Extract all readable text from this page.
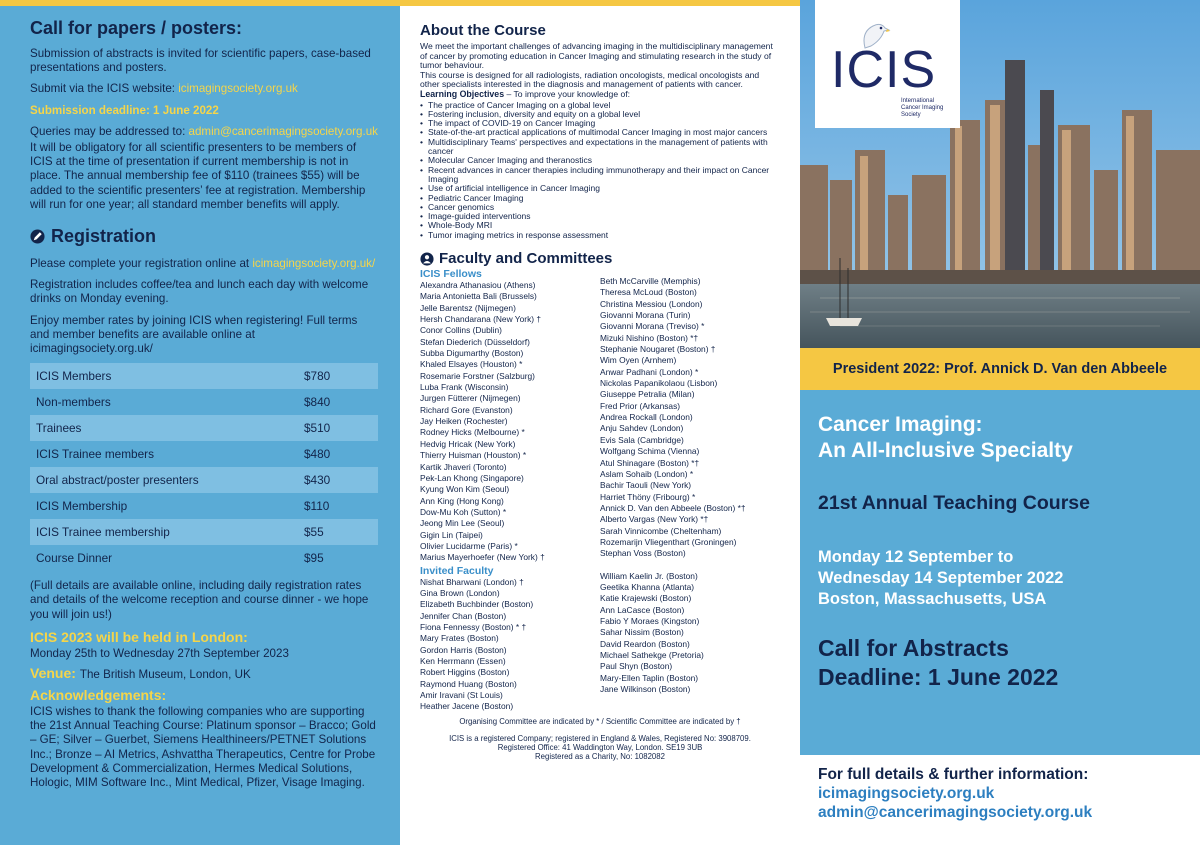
Call for papers / posters:

Submission of abstracts is invited for scientific papers, case-based presentations and posters.

Submit via the ICIS website: icimagingsociety.org.uk

Submission deadline: 1 June 2022

Queries may be addressed to: admin@cancerimagingsociety.org.uk

It will be obligatory for all scientific presenters to be members of ICIS at the time of presentation if current membership is not in place. The annual membership fee of $110 (trainees $55) will be added to the scientific presenters’ fee at registration. Membership will run for one year; all standard member benefits will apply.

Registration

Please complete your registration online at icimagingsociety.org.uk/

Registration includes coffee/tea and lunch each day with welcome drinks on Monday evening.

Enjoy member rates by joining ICIS when registering! Full terms and member benefits are available online at icimagingsociety.org.uk/

ICIS Members	$780
Non-members	$840
Trainees	$510
ICIS Trainee members	$480
Oral abstract/poster presenters	$430
ICIS Membership	$110
ICIS Trainee membership	$55
Course Dinner	$95

(Full details are available online, including daily registration rates and details of the welcome reception and course dinner - we hope you will join us!)

ICIS 2023 will be held in London:

Monday 25th to Wednesday 27th September 2023

Venue: The British Museum, London, UK
Acknowledgements:

ICIS wishes to thank the following companies who are supporting the 21st Annual Teaching Course: Platinum sponsor – Bracco; Gold – GE; Silver – Guerbet, Siemens Healthineers/PETNET Solutions Inc.; Bronze – AI Metrics, Ashvattha Therapeutics, Centre for Probe Development & Commercialization, Hermes Medical Solutions, Hologic, MIM Software Inc., Mint Medical, Pfizer, Visage Imaging.

About the Course

We meet the important challenges of advancing imaging in the multidisciplinary management of cancer by promoting education in Cancer Imaging and stimulating research in the study of tumor behaviour.

This course is designed for all radiologists, radiation oncologists, medical oncologists and other specialists interested in the diagnosis and management of patients with cancer.

Learning Objectives – To improve your knowledge of:

• The practice of Cancer Imaging on a global level
• Fostering inclusion, diversity and equity on a global level
• The impact of COVID-19 on Cancer Imaging
• State-of-the-art practical applications of multimodal Cancer Imaging in most major cancers
• Multidisciplinary Teams' perspectives and expectations in the management of patients with cancer
• Molecular Cancer Imaging and theranostics
• Recent advances in cancer therapies including immunotherapy and their impact on Cancer Imaging
• Use of artificial intelligence in Cancer Imaging
• Pediatric Cancer Imaging
• Cancer genomics
• Image-guided interventions
• Whole-Body MRI
• Tumor imaging metrics in response assessment
Faculty and Committees
ICIS Fellows
Alexandra Athanasiou (Athens)
Maria Antonietta Bali (Brussels)
Jelle Barentsz (Nijmegen)
Hersh Chandarana (New York) †
Conor Collins (Dublin)
Stefan Diederich (Düsseldorf)
Subba Digumarthy (Boston)
Khaled Elsayes (Houston) *
Rosemarie Forstner (Salzburg)
Luba Frank (Wisconsin)
Jurgen Fütterer (Nijmegen)
Richard Gore (Evanston)
Jay Heiken (Rochester)
Rodney Hicks (Melbourne) *
Hedvig Hricak (New York)
Thierry Huisman (Houston) *
Kartik Jhaveri (Toronto)
Pek-Lan Khong (Singapore)
Kyung Won Kim (Seoul)
Ann King (Hong Kong)
Dow-Mu Koh (Sutton) *
Jeong Min Lee (Seoul)
Gigin Lin (Taipei)
Olivier Lucidarme (Paris) *
Marius Mayerhoefer (New York) †
Beth McCarville (Memphis)
Theresa McLoud (Boston)
Christina Messiou (London)
Giovanni Morana (Turin)
Giovanni Morana (Treviso) *
Mizuki Nishino (Boston) *†
Stephanie Nougaret (Boston) †
Wim Oyen (Arnhem)
Anwar Padhani (London) *
Nickolas Papanikolaou (Lisbon)
Giuseppe Petralia (Milan)
Fred Prior (Arkansas)
Andrea Rockall (London)
Anju Sahdev (London)
Evis Sala (Cambridge)
Wolfgang Schima (Vienna)
Atul Shinagare (Boston) *†
Aslam Sohaib (London) *
Bachir Taouli (New York)
Harriet Thöny (Fribourg) *
Annick D. Van den Abbeele (Boston) *†
Alberto Vargas (New York) *†
Sarah Vinnicombe (Cheltenham)
Rozemarijn Vliegenthart (Groningen)
Stephan Voss (Boston)
Invited Faculty
Nishat Bharwani (London) †
Gina Brown (London)
Elizabeth Buchbinder (Boston)
Jennifer Chan (Boston)
Fiona Fennessy (Boston) * †
Mary Frates (Boston)
Gordon Harris (Boston)
Ken Herrmann (Essen)
Robert Higgins (Boston)
Raymond Huang (Boston)
Amir Iravani (St Louis)
Heather Jacene (Boston)
William Kaelin Jr. (Boston)
Geetika Khanna (Atlanta)
Katie Krajewski (Boston)
Ann LaCasce (Boston)
Fabio Y Moraes (Kingston)
Sahar Nissim (Boston)
David Reardon (Boston)
Michael Sathekge (Pretoria)
Paul Shyn (Boston)
Mary-Ellen Taplin (Boston)
Jane Wilkinson (Boston)

Organising Committee are indicated by * / Scientific Committee are indicated by †

ICIS is a registered Company; registered in England & Wales, Registered No: 3908709.
Registered Office: 41 Waddington Way, London. SE19 3UB
Registered as a Charity, No: 1082082
ICIS
International
Cancer Imaging
Society
President 2022: Prof. Annick D. Van den Abbeele
Cancer Imaging:
An All-Inclusive Specialty
21st Annual Teaching Course
Monday 12 September to
Wednesday 14 September 2022
Boston, Massachusetts, USA
Call for Abstracts
Deadline: 1 June 2022
For full details & further information:
icimagingsociety.org.uk
admin@cancerimagingsociety.org.uk
